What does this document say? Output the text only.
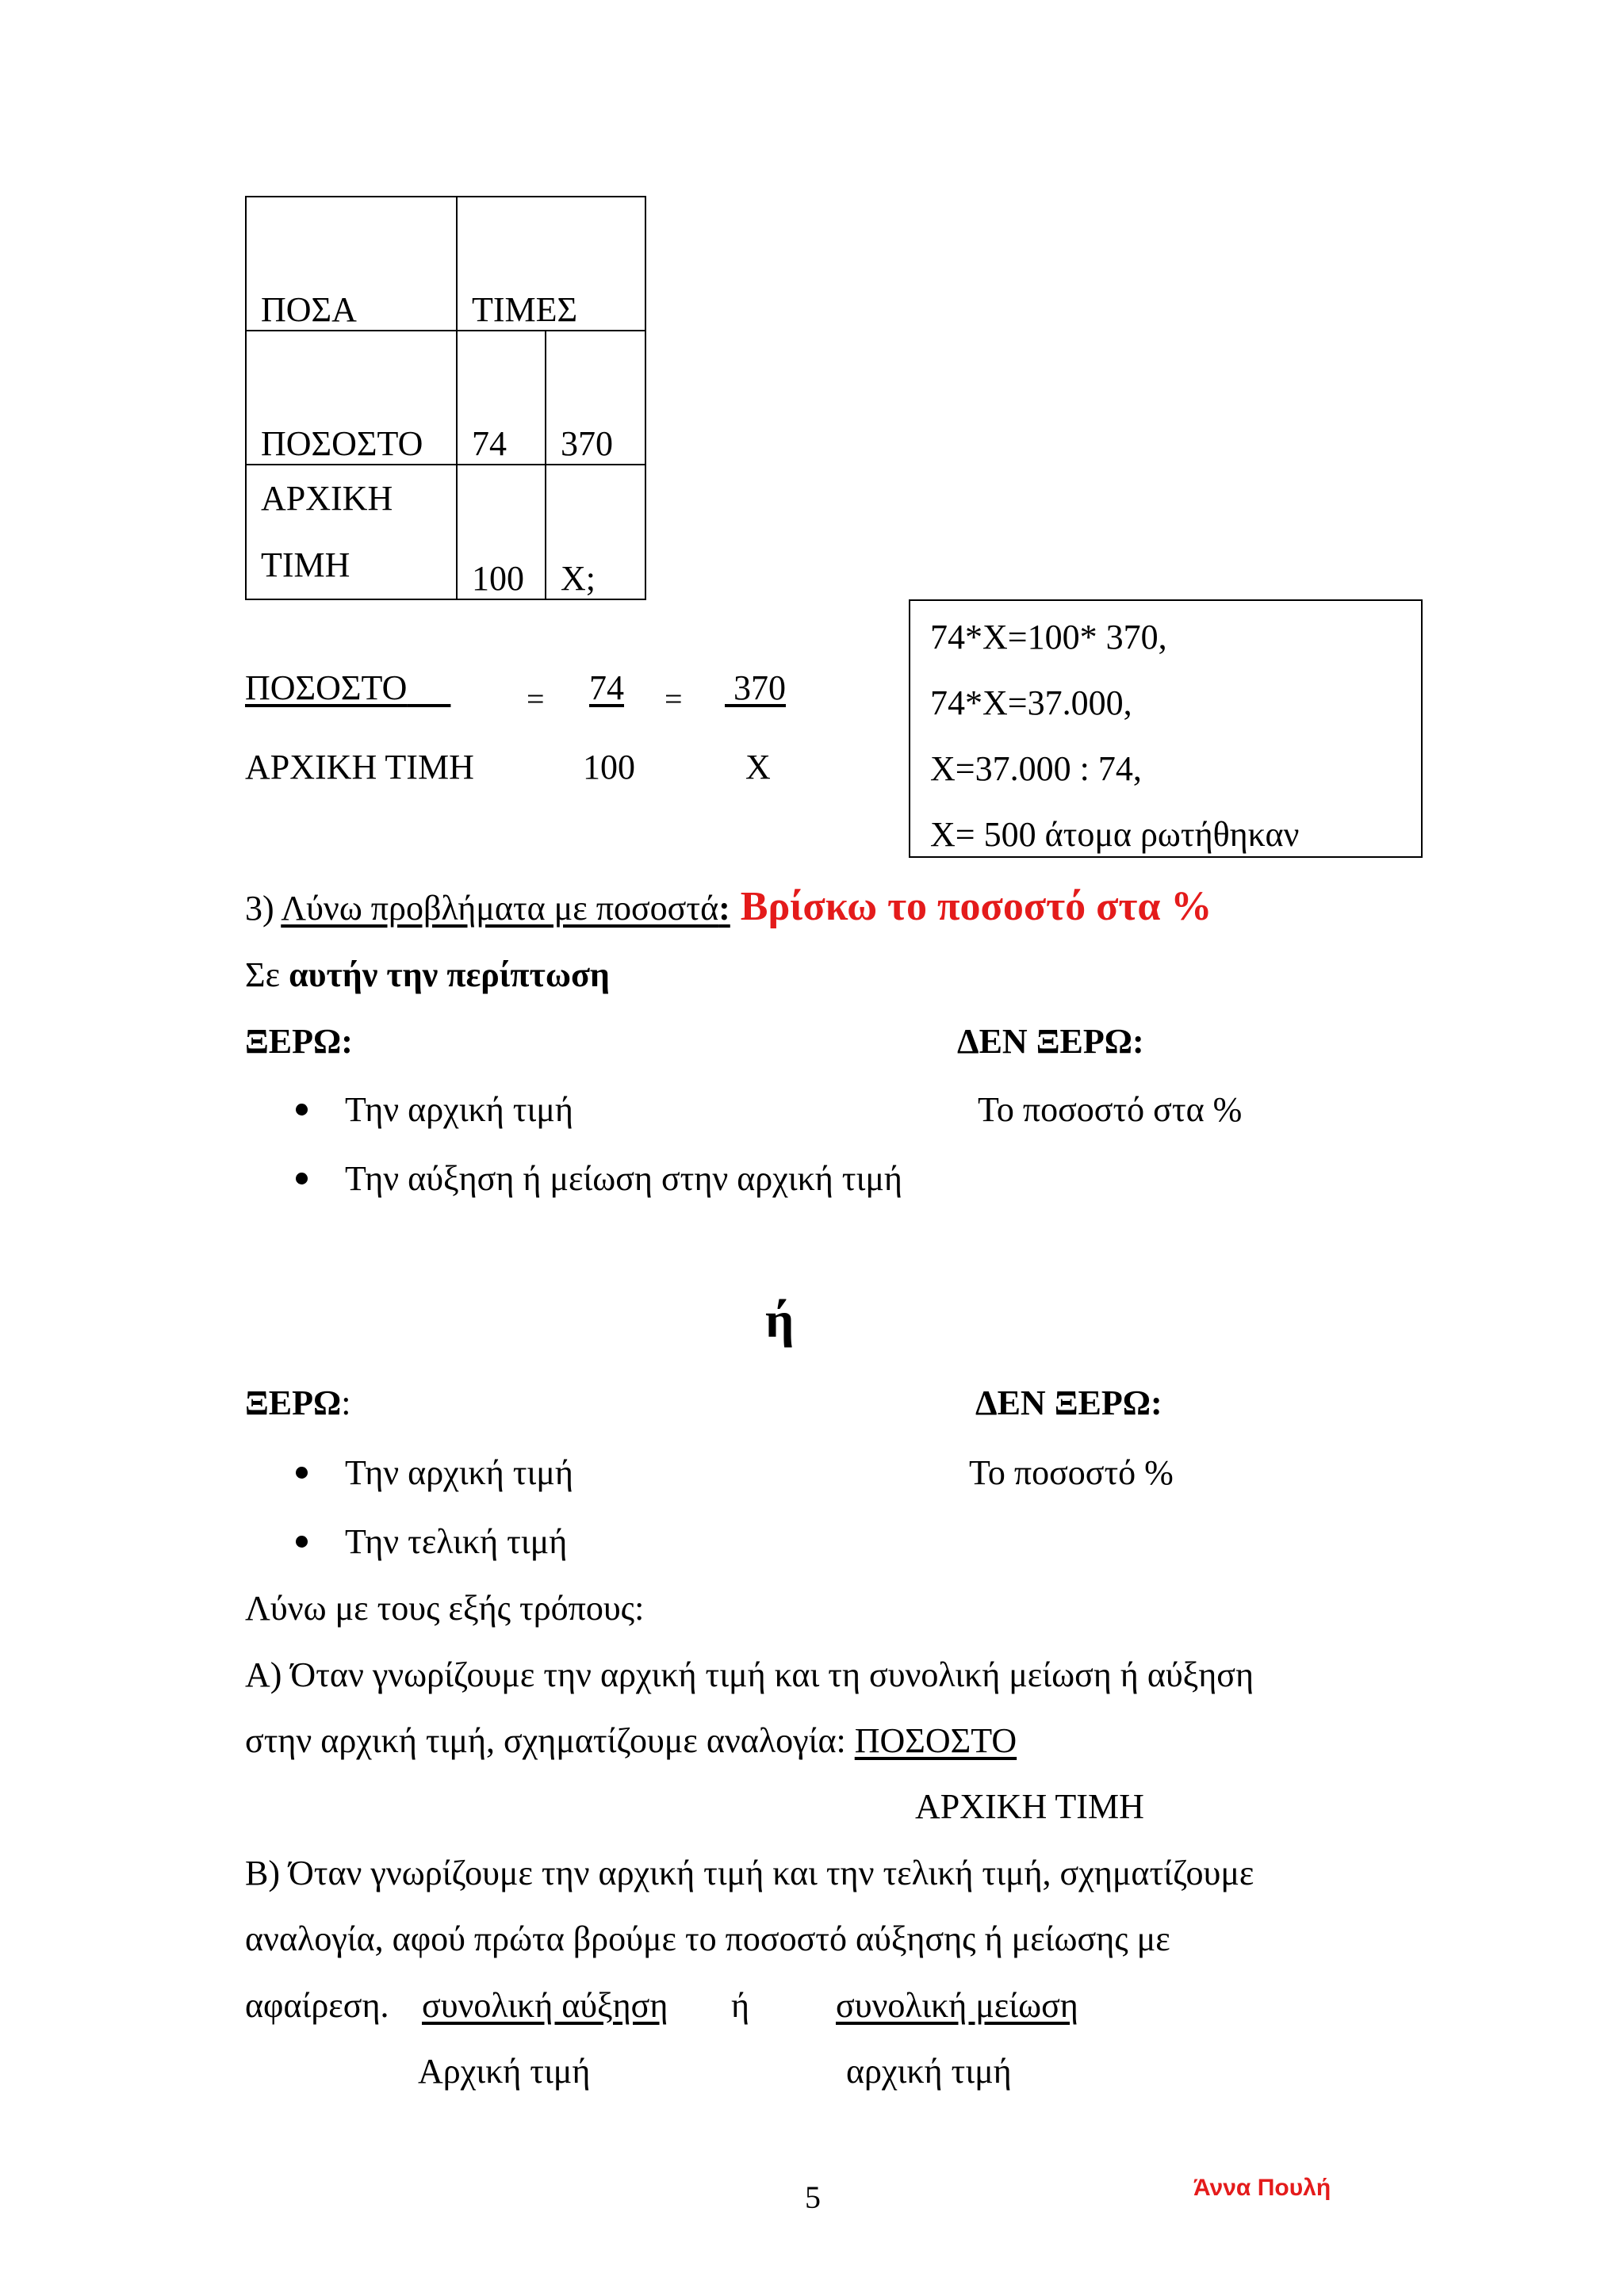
ΠΟΣΑ	ΤΙΜΕΣ	
ΠΟΣΟΣΤΟ	74	370
ΑΡΧΙΚΗ
ΤΙΜΗ	100	Χ;
ΠΟΣΟΣΤΟ	= 74 = 370
ΑΡΧΙΚΗ ΤΙΜΗ	100	Χ
74*Χ=100* 370,
74*Χ=37.000,
Χ=37.000 : 74,
Χ= 500 άτομα ρωτήθηκαν
3) Λύνω προβλήματα με ποσοστά: Βρίσκω το ποσοστό στα %
Σε αυτήν την περίπτωση
ΞΕΡΩ:	ΔΕΝ ΞΕΡΩ:
Την αρχική τιμή	Το ποσοστό στα %
Την αύξηση ή μείωση στην αρχική τιμή
ή
ΞΕΡΩ:	ΔΕΝ ΞΕΡΩ:
Την αρχική τιμή	Το ποσοστό %
Την τελική τιμή
Λύνω με τους εξής τρόπους:
Α) Όταν γνωρίζουμε την αρχική τιμή και τη συνολική μείωση ή αύξηση
στην αρχική τιμή, σχηματίζουμε αναλογία: ΠΟΣΟΣΤΟ
ΑΡΧΙΚΗ ΤΙΜΗ
Β) Όταν γνωρίζουμε την αρχική τιμή και την τελική τιμή, σχηματίζουμε
αναλογία, αφού πρώτα βρούμε το ποσοστό αύξησης ή μείωσης με
αφαίρεση. συνολική αύξηση ή συνολική μείωση
Αρχική τιμή	αρχική τιμή
5	Άννα Πουλή
